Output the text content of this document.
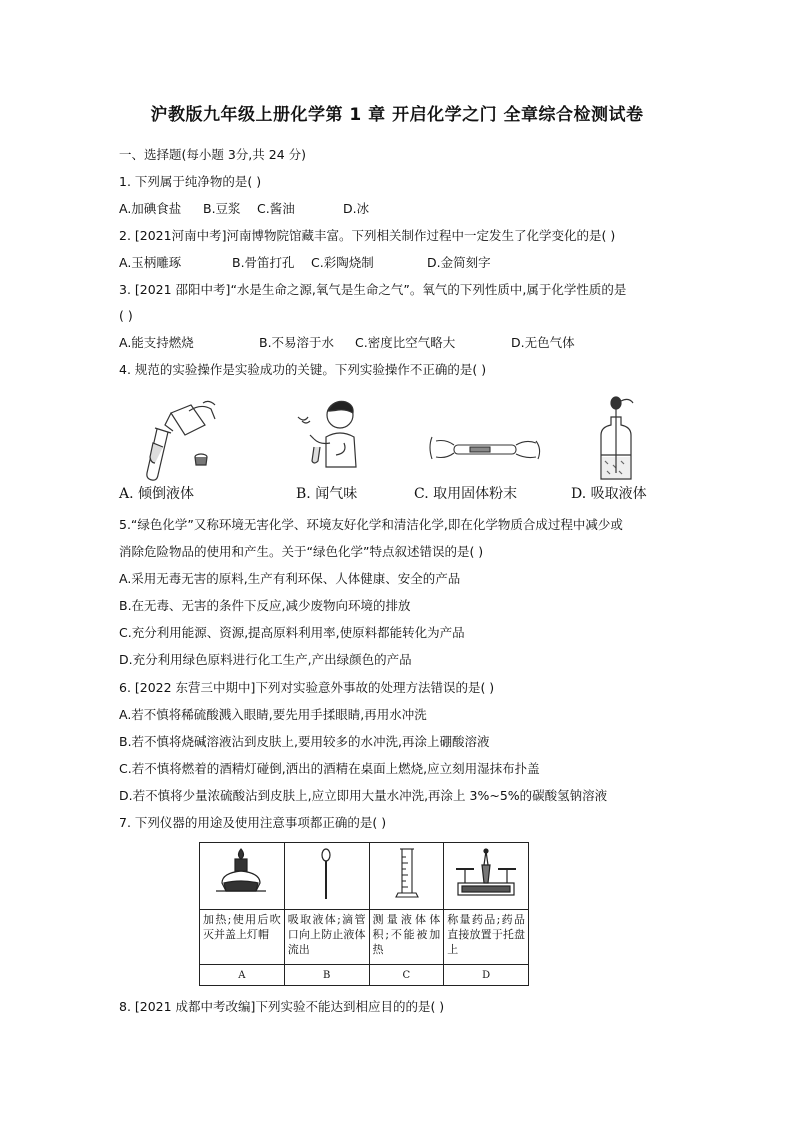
沪教版九年级上册化学第 1 章 开启化学之门 全章综合检测试卷
一、选择题(每小题 3分,共 24 分)
1. 下列属于纯净物的是( )
A.加碘食盐 B.豆浆 C.酱油	D.冰
2. [2021河南中考]河南博物院馆藏丰富。下列相关制作过程中一定发生了化学变化的是( )
A.玉柄雕琢	B.骨笛打孔 C.彩陶烧制	D.金简刻字
3. [2021 邵阳中考]“水是生命之源,氧气是生命之气”。氧气的下列性质中,属于化学性质的是
( )
A.能支持燃烧	B.不易溶于水 C.密度比空气略大	D.无色气体
4. 规范的实验操作是实验成功的关键。下列实验操作不正确的是( )
A. 倾倒液体	B. 闻气味	C. 取用固体粉末	D. 吸取液体
5.“绿色化学”又称环境无害化学、环境友好化学和清洁化学,即在化学物质合成过程中减少或
消除危险物品的使用和产生。关于“绿色化学”特点叙述错误的是( )
A.采用无毒无害的原料,生产有利环保、人体健康、安全的产品
B.在无毒、无害的条件下反应,减少废物向环境的排放
C.充分利用能源、资源,提高原料利用率,使原料都能转化为产品
D.充分利用绿色原料进行化工生产,产出绿颜色的产品
6. [2022 东营三中期中]下列对实验意外事故的处理方法错误的是( )
A.若不慎将稀硫酸溅入眼睛,要先用手揉眼睛,再用水冲洗
B.若不慎将烧碱溶液沾到皮肤上,要用较多的水冲洗,再涂上硼酸溶液
C.若不慎将燃着的酒精灯碰倒,洒出的酒精在桌面上燃烧,应立刻用湿抹布扑盖
D.若不慎将少量浓硫酸沾到皮肤上,应立即用大量水冲洗,再涂上 3%~5%的碳酸氢钠溶液
7. 下列仪器的用途及使用注意事项都正确的是( )

加热;使用后吹灭并盖上灯帽	吸取液体;滴管口向上防止液体流出	测量液体体积;不能被加热	称量药品;药品直接放置于托盘上
A	B	C	D
8. [2021 成都中考改编]下列实验不能达到相应目的的是( )
